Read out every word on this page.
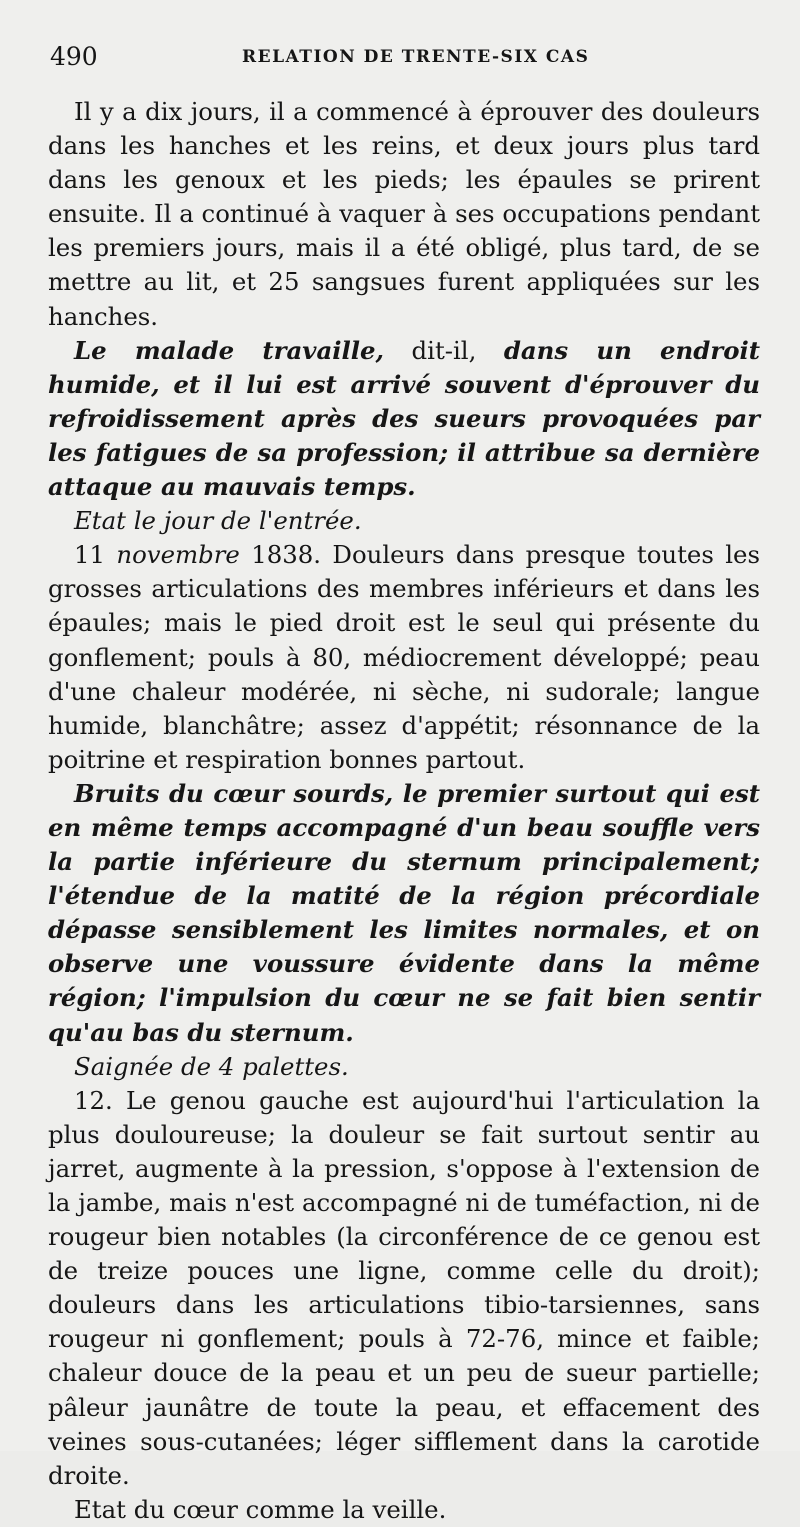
490	RELATION DE TRENTE-SIX CAS

Il y a dix jours, il a commencé à éprouver des douleurs dans les hanches et les reins, et deux jours plus tard dans les genoux et les pieds; les épaules se prirent ensuite. Il a continué à vaquer à ses occupations pendant les premiers jours, mais il a été obligé, plus tard, de se mettre au lit, et 25 sangsues furent appliquées sur les hanches.

Le malade travaille, dit-il, dans un endroit humide, et il lui est arrivé souvent d'éprouver du refroidissement après des sueurs provoquées par les fatigues de sa profession; il attribue sa dernière attaque au mauvais temps.

Etat le jour de l'entrée.

11 novembre 1838. Douleurs dans presque toutes les grosses articulations des membres inférieurs et dans les épaules; mais le pied droit est le seul qui présente du gonflement; pouls à 80, médiocrement développé; peau d'une chaleur modérée, ni sèche, ni sudorale; langue humide, blanchâtre; assez d'appétit; résonnance de la poitrine et respiration bonnes partout.

Bruits du cœur sourds, le premier surtout qui est en même temps accompagné d'un beau souffle vers la partie inférieure du sternum principalement; l'étendue de la matité de la région précordiale dépasse sensiblement les limites normales, et on observe une voussure évidente dans la même région; l'impulsion du cœur ne se fait bien sentir qu'au bas du sternum.

Saignée de 4 palettes.

12. Le genou gauche est aujourd'hui l'articulation la plus douloureuse; la douleur se fait surtout sentir au jarret, augmente à la pression, s'oppose à l'extension de la jambe, mais n'est accompagné ni de tuméfaction, ni de rougeur bien notables (la circonférence de ce genou est de treize pouces une ligne, comme celle du droit); douleurs dans les articulations tibio-tarsiennes, sans rougeur ni gonflement; pouls à 72-76, mince et faible; chaleur douce de la peau et un peu de sueur partielle; pâleur jaunâtre de toute la peau, et effacement des veines sous-cutanées; léger sifflement dans la carotide droite.

Etat du cœur comme la veille.
